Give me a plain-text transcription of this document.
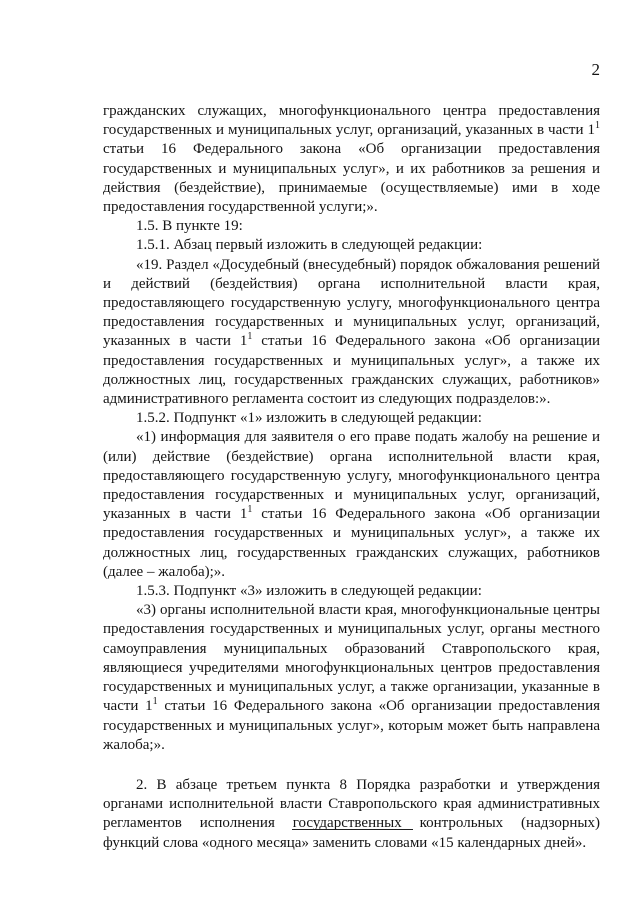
2

гражданских служащих, многофункционального центра предоставления государственных и муниципальных услуг, организаций, указанных в части $1^1$ статьи 16 Федерального закона «Об организации предоставления государственных и муниципальных услуг», и их работников за решения и действия (бездействие), принимаемые (осуществляемые) ими в ходе предоставления государственной услуги;».

1.5. В пункте 19:

1.5.1. Абзац первый изложить в следующей редакции:

«19. Раздел «Досудебный (внесудебный) порядок обжалования решений и действий (бездействия) органа исполнительной власти края, предоставляющего государственную услугу, многофункционального центра предоставления государственных и муниципальных услуг, организаций, указанных в части $1^1$ статьи 16 Федерального закона «Об организации предоставления государственных и муниципальных услуг», а также их должностных лиц, государственных гражданских служащих, работников» административного регламента состоит из следующих подразделов:».

1.5.2. Подпункт «1» изложить в следующей редакции:

«1) информация для заявителя о его праве подать жалобу на решение и (или) действие (бездействие) органа исполнительной власти края, предоставляющего государственную услугу, многофункционального центра предоставления государственных и муниципальных услуг, организаций, указанных в части $1^1$ статьи 16 Федерального закона «Об организации предоставления государственных и муниципальных услуг», а также их должностных лиц, государственных гражданских служащих, работников (далее – жалоба);».

1.5.3. Подпункт «3» изложить в следующей редакции:

«3) органы исполнительной власти края, многофункциональные центры предоставления государственных и муниципальных услуг, органы местного самоуправления муниципальных образований Ставропольского края, являющиеся учредителями многофункциональных центров предоставления государственных и муниципальных услуг, а также организации, указанные в части $1^1$ статьи 16 Федерального закона «Об организации предоставления государственных и муниципальных услуг», которым может быть направлена жалоба;».

2. В абзаце третьем пункта 8 Порядка разработки и утверждения органами исполнительной власти Ставропольского края административных регламентов исполнения государственных контрольных (надзорных) функций слова «одного месяца» заменить словами «15 календарных дней».
